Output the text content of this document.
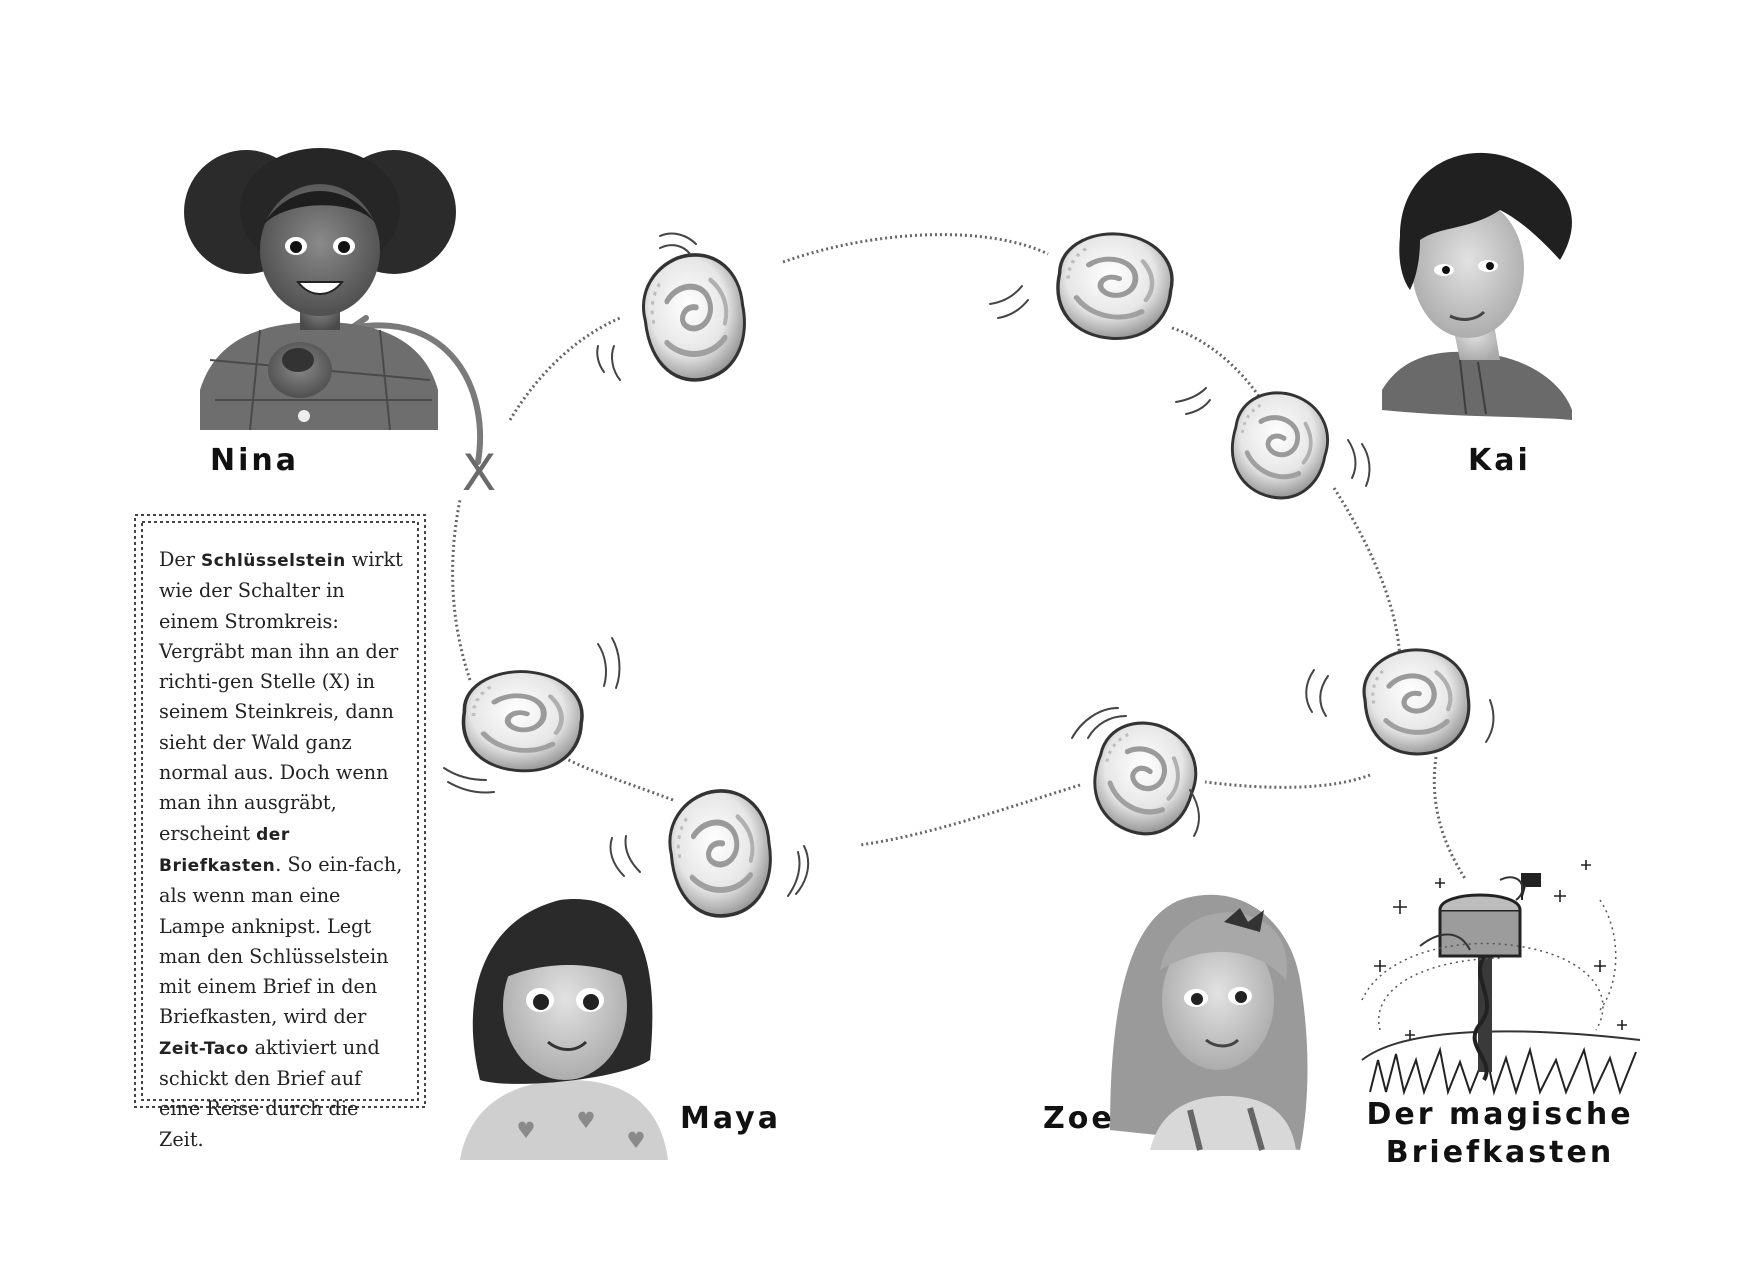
X
Nina	Kai
Maya	Zoe	Der magische
Briefkasten
Der Schlüsselstein wirkt wie der Schalter in einem Stromkreis: Vergräbt man ihn an der richti-gen Stelle (X) in seinem Steinkreis, dann sieht der Wald ganz normal aus. Doch wenn man ihn ausgräbt, erscheint der Briefkasten. So ein-fach, als wenn man eine Lampe anknipst. Legt man den Schlüsselstein mit einem Brief in den Briefkasten, wird der Zeit-Taco aktiviert und schickt den Brief auf eine Reise durch die Zeit.
